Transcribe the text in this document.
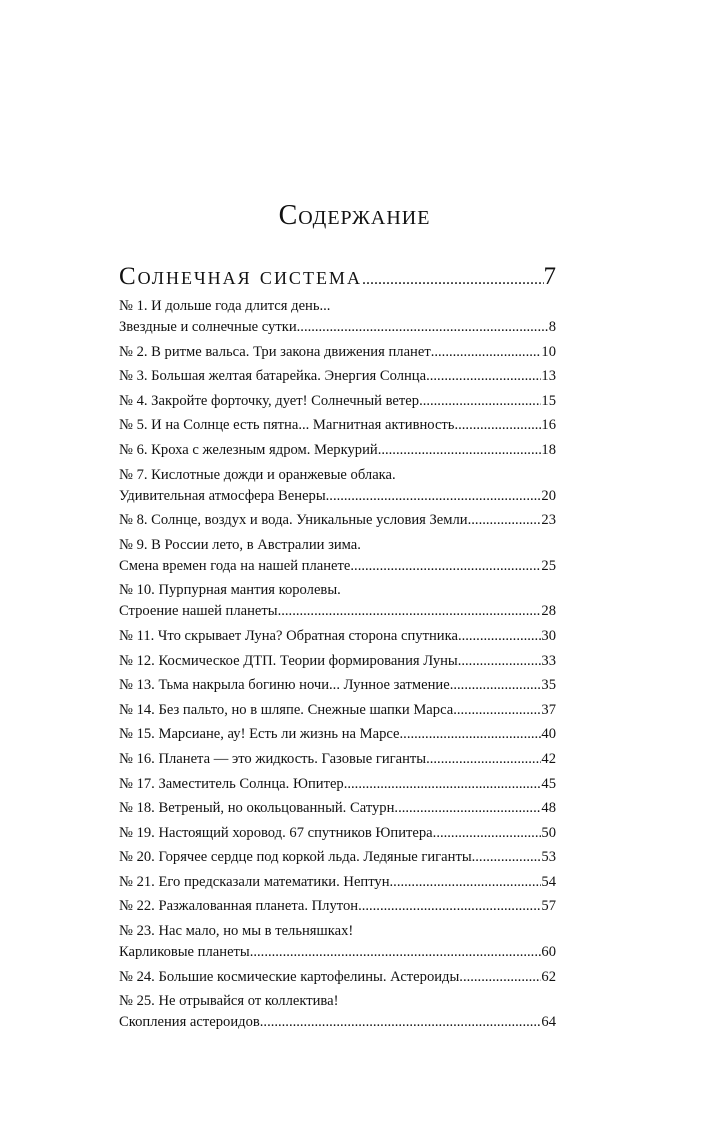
Содержание
Солнечная система .....	7
№ 1. И дольше года длится день...
Звездные и солнечные сутки .....	8
№ 2. В ритме вальса. Три закона движения планет .....	10
№ 3. Большая желтая батарейка. Энергия Солнца .....	13
№ 4. Закройте форточку, дует! Солнечный ветер .....	15
№ 5. И на Солнце есть пятна... Магнитная активность .....	16
№ 6. Кроха с железным ядром. Меркурий .....	18
№ 7. Кислотные дожди и оранжевые облака.
Удивительная атмосфера Венеры .....	20
№ 8. Солнце, воздух и вода. Уникальные условия Земли .....	23
№ 9. В России лето, в Австралии зима.
Смена времен года на нашей планете .....	25
№ 10. Пурпурная мантия королевы.
Строение нашей планеты .....	28
№ 11. Что скрывает Луна? Обратная сторона спутника .....	30
№ 12. Космическое ДТП. Теории формирования Луны .....	33
№ 13. Тьма накрыла богиню ночи... Лунное затмение .....	35
№ 14. Без пальто, но в шляпе. Снежные шапки Марса .....	37
№ 15. Марсиане, ау! Есть ли жизнь на Марсе .....	40
№ 16. Планета — это жидкость. Газовые гиганты .....	42
№ 17. Заместитель Солнца. Юпитер .....	45
№ 18. Ветреный, но окольцованный. Сатурн .....	48
№ 19. Настоящий хоровод. 67 спутников Юпитера .....	50
№ 20. Горячее сердце под коркой льда. Ледяные гиганты .....	53
№ 21. Его предсказали математики. Нептун .....	54
№ 22. Разжалованная планета. Плутон .....	57
№ 23. Нас мало, но мы в тельняшках!
Карликовые планеты .....	60
№ 24. Большие космические картофелины. Астероиды .....	62
№ 25. Не отрывайся от коллектива!
Скопления астероидов .....	64
